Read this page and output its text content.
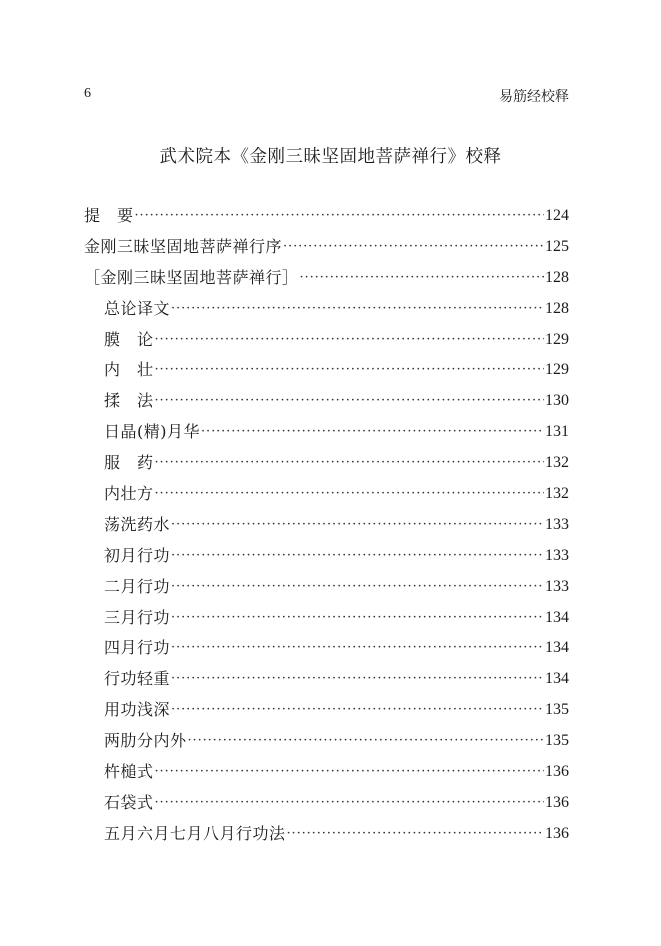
6	易筋经校释
武术院本《金刚三昧坚固地菩萨禅行》校释
提　要 ·····	124
金刚三昧坚固地菩萨禅行序 ·····	125
［金刚三昧坚固地菩萨禅行］ ·····	128
总论译文 ·····	128
膜　论 ·····	129
内　壮 ·····	129
揉　法 ·····	130
日晶(精)月华 ·····	131
服　药 ·····	132
内壮方 ·····	132
荡洗药水 ·····	133
初月行功 ·····	133
二月行功 ·····	133
三月行功 ·····	134
四月行功 ·····	134
行功轻重 ·····	134
用功浅深 ·····	135
两肋分内外 ·····	135
杵槌式 ·····	136
石袋式 ·····	136
五月六月七月八月行功法 ·····	136
